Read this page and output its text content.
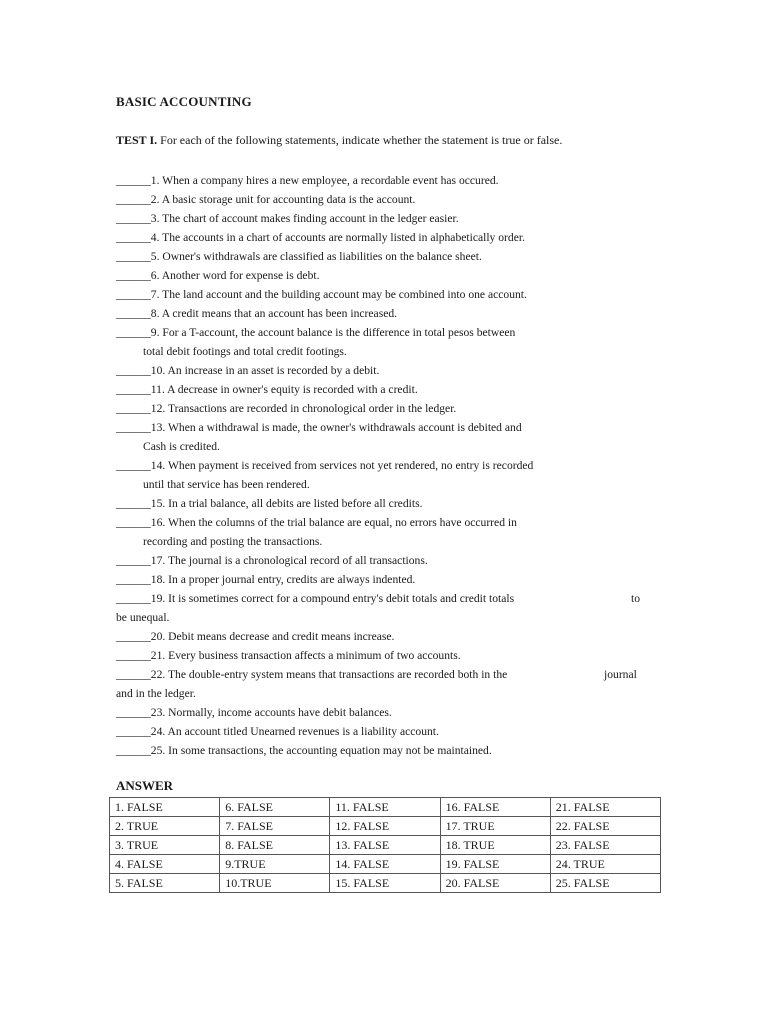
BASIC ACCOUNTING
TEST I. For each of the following statements, indicate whether the statement is true or false.
______1. When a company hires a new employee, a recordable event has occured.
______2. A basic storage unit for accounting data is the account.
______3. The chart of account makes finding account in the ledger easier.
______4. The accounts in a chart of accounts are normally listed in alphabetically order.
______5. Owner's withdrawals are classified as liabilities on the balance sheet.
______6. Another word for expense is debt.
______7. The land account and the building account may be combined into one account.
______8. A credit means that an account has been increased.
______9. For a T-account, the account balance is the difference in total pesos between
total debit footings and total credit footings.
______10. An increase in an asset is recorded by a debit.
______11. A decrease in owner's equity is recorded with a credit.
______12. Transactions are recorded in chronological order in the ledger.
______13. When a withdrawal is made, the owner's withdrawals account is debited and
Cash is credited.
______14. When payment is received from services not yet rendered, no entry is recorded
until that service has been rendered.
______15. In a trial balance, all debits are listed before all credits.
______16. When the columns of the trial balance are equal, no errors have occurred in
recording and posting the transactions.
______17. The journal is a chronological record of all transactions.
______18. In a proper journal entry, credits are always indented.
______19. It is sometimes correct for a compound entry's debit totals and credit totals	to
be unequal.
______20. Debit means decrease and credit means increase.
______21. Every business transaction affects a minimum of two accounts.
______22. The double-entry system means that transactions are recorded both in the	journal
and in the ledger.
______23. Normally, income accounts have debit balances.
______24. An account titled Unearned revenues is a liability account.
______25. In some transactions, the accounting equation may not be maintained.
ANSWER
1. FALSE	6. FALSE	11. FALSE	16. FALSE	21. FALSE
2. TRUE	7. FALSE	12. FALSE	17. TRUE	22. FALSE
3. TRUE	8. FALSE	13. FALSE	18. TRUE	23. FALSE
4. FALSE	9.TRUE	14. FALSE	19. FALSE	24. TRUE
5. FALSE	10.TRUE	15. FALSE	20. FALSE	25. FALSE
